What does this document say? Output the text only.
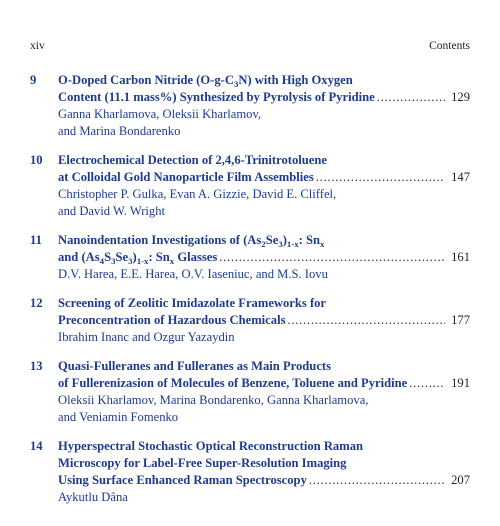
xiv	Contents
9 O-Doped Carbon Nitride $(O-g-C_3N)$ with High Oxygen
Content (11.1 mass%) Synthesized by Pyrolysis of Pyridine . . .	129
Ganna Kharlamova, Oleksii Kharlamov,
and Marina Bondarenko
10 Electrochemical Detection of 2,4,6-Trinitrotoluene
at Colloidal Gold Nanoparticle Film Assemblies . . .	147
Christopher P. Gulka, Evan A. Gizzie, David E. Cliffel,
and David W. Wright
11 Nanoindentation Investigations of $(As_2Se_3)_{1-x}$: $Sn_x$
and $(As_4S_3Se_3)_{1-x}$: $Sn_x$ Glasses . . .	161
D.V. Harea, E.E. Harea, O.V. Iaseniuc, and M.S. Iovu
12 Screening of Zeolitic Imidazolate Frameworks for
Preconcentration of Hazardous Chemicals . . .	177
Ibrahim Inanc and Ozgur Yazaydin
13 Quasi-Fulleranes and Fulleranes as Main Products
of Fullerenizasion of Molecules of Benzene, Toluene and Pyridine . . .	191
Oleksii Kharlamov, Marina Bondarenko, Ganna Kharlamova,
and Veniamin Fomenko
14 Hyperspectral Stochastic Optical Reconstruction Raman
Microscopy for Label-Free Super-Resolution Imaging
Using Surface Enhanced Raman Spectroscopy . . .	207
Aykutlu Dâna
